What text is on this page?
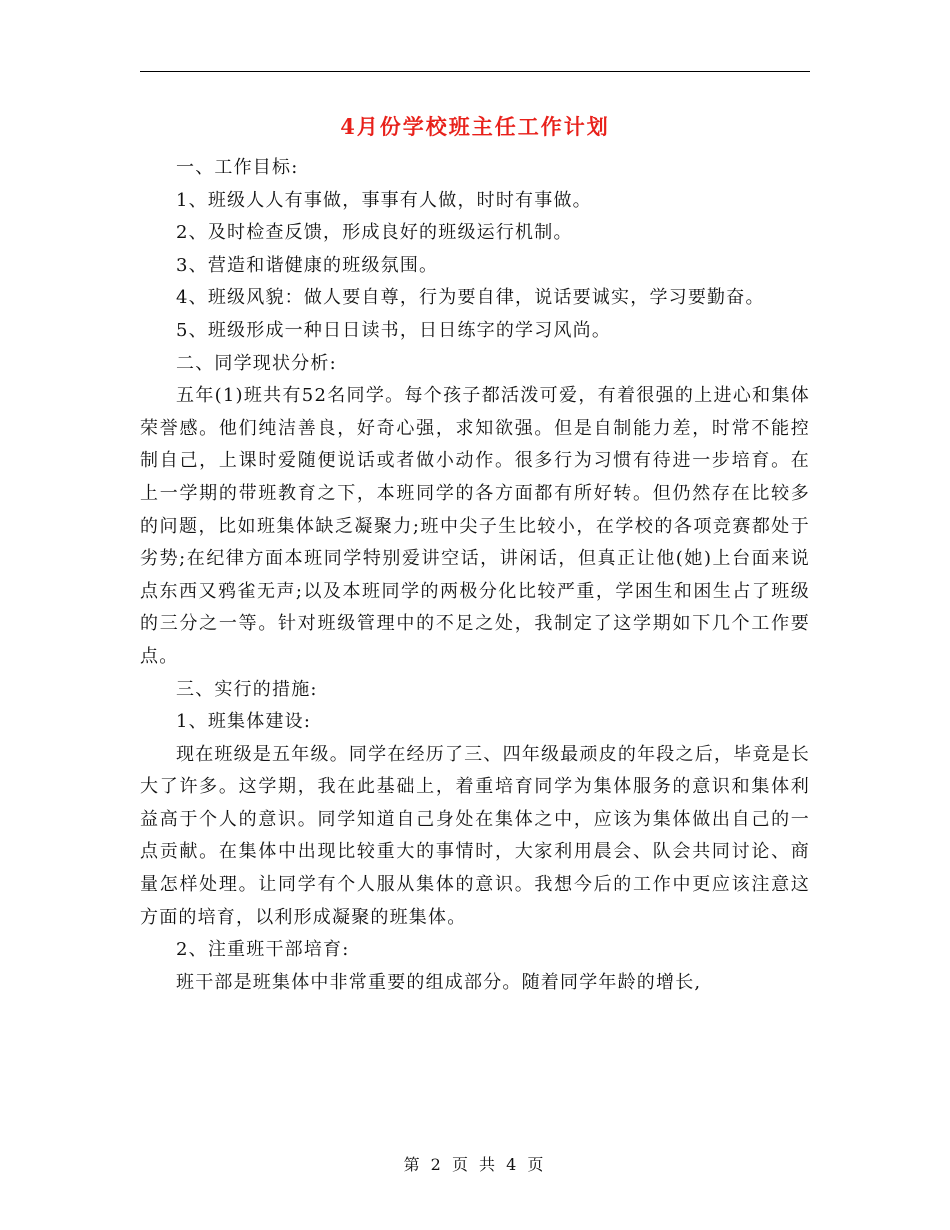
4月份学校班主任工作计划

一、工作目标:

1、班级人人有事做，事事有人做，时时有事做。

2、及时检查反馈，形成良好的班级运行机制。

3、营造和谐健康的班级氛围。

4、班级风貌：做人要自尊，行为要自律，说话要诚实，学习要勤奋。

5、班级形成一种日日读书，日日练字的学习风尚。

二、同学现状分析:

五年(1)班共有52名同学。每个孩子都活泼可爱，有着很强的上进心和集体荣誉感。他们纯洁善良，好奇心强，求知欲强。但是自制能力差，时常不能控制自己，上课时爱随便说话或者做小动作。很多行为习惯有待进一步培育。在上一学期的带班教育之下，本班同学的各方面都有所好转。但仍然存在比较多的问题，比如班集体缺乏凝聚力;班中尖子生比较小，在学校的各项竞赛都处于劣势;在纪律方面本班同学特别爱讲空话，讲闲话，但真正让他(她)上台面来说点东西又鸦雀无声;以及本班同学的两极分化比较严重，学困生和困生占了班级的三分之一等。针对班级管理中的不足之处，我制定了这学期如下几个工作要点。

三、实行的措施:

1、班集体建设:

现在班级是五年级。同学在经历了三、四年级最顽皮的年段之后，毕竟是长大了许多。这学期，我在此基础上，着重培育同学为集体服务的意识和集体利益高于个人的意识。同学知道自己身处在集体之中，应该为集体做出自己的一点贡献。在集体中出现比较重大的事情时，大家利用晨会、队会共同讨论、商量怎样处理。让同学有个人服从集体的意识。我想今后的工作中更应该注意这方面的培育，以利形成凝聚的班集体。

2、注重班干部培育:

班干部是班集体中非常重要的组成部分。随着同学年龄的增长,

第 2 页 共 4 页
